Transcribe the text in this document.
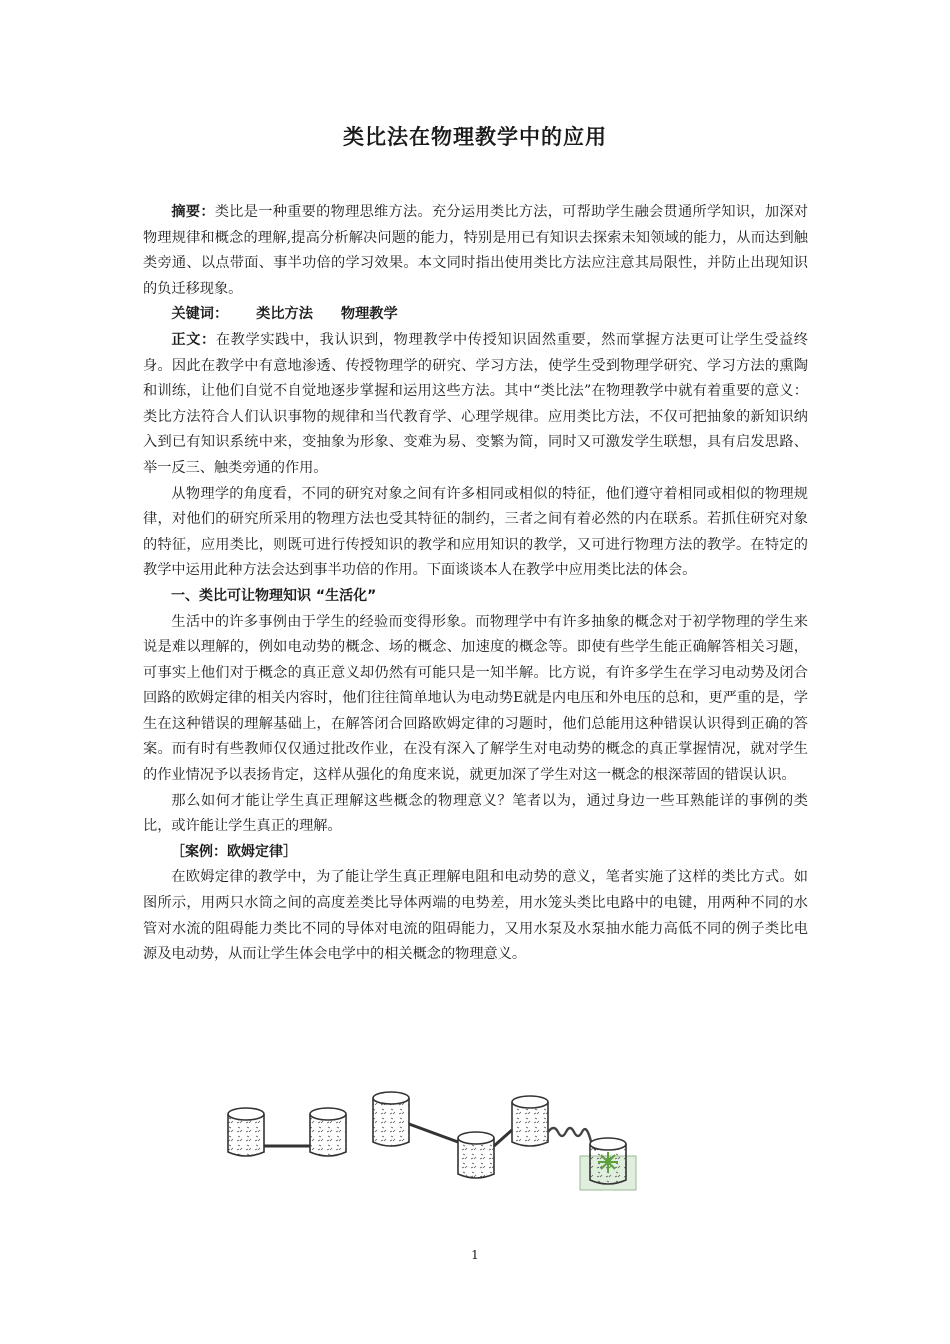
类比法在物理教学中的应用

摘要：类比是一种重要的物理思维方法。充分运用类比方法，可帮助学生融会贯通所学知识，加深对物理规律和概念的理解,提高分析解决问题的能力，特别是用已有知识去探索未知领域的能力，从而达到触类旁通、以点带面、事半功倍的学习效果。本文同时指出使用类比方法应注意其局限性，并防止出现知识的负迁移现象。

关键词： 类比方法 物理教学

正文：在教学实践中，我认识到，物理教学中传授知识固然重要，然而掌握方法更可让学生受益终身。因此在教学中有意地渗透、传授物理学的研究、学习方法，使学生受到物理学研究、学习方法的熏陶和训练，让他们自觉不自觉地逐步掌握和运用这些方法。其中“类比法”在物理教学中就有着重要的意义：类比方法符合人们认识事物的规律和当代教育学、心理学规律。应用类比方法，不仅可把抽象的新知识纳入到已有知识系统中来，变抽象为形象、变难为易、变繁为简，同时又可激发学生联想，具有启发思路、举一反三、触类旁通的作用。

从物理学的角度看，不同的研究对象之间有许多相同或相似的特征，他们遵守着相同或相似的物理规律，对他们的研究所采用的物理方法也受其特征的制约，三者之间有着必然的内在联系。若抓住研究对象的特征，应用类比，则既可进行传授知识的教学和应用知识的教学，又可进行物理方法的教学。在特定的教学中运用此种方法会达到事半功倍的作用。下面谈谈本人在教学中应用类比法的体会。

一、类比可让物理知识 “生活化”

生活中的许多事例由于学生的经验而变得形象。而物理学中有许多抽象的概念对于初学物理的学生来说是难以理解的，例如电动势的概念、场的概念、加速度的概念等。即使有些学生能正确解答相关习题，可事实上他们对于概念的真正意义却仍然有可能只是一知半解。比方说，有许多学生在学习电动势及闭合回路的欧姆定律的相关内容时，他们往往简单地认为电动势E就是内电压和外电压的总和，更严重的是，学生在这种错误的理解基础上，在解答闭合回路欧姆定律的习题时，他们总能用这种错误认识得到正确的答案。而有时有些教师仅仅通过批改作业，在没有深入了解学生对电动势的概念的真正掌握情况，就对学生的作业情况予以表扬肯定，这样从强化的角度来说，就更加深了学生对这一概念的根深蒂固的错误认识。

那么如何才能让学生真正理解这些概念的物理意义？笔者以为，通过身边一些耳熟能详的事例的类比，或许能让学生真正的理解。

［案例：欧姆定律］

在欧姆定律的教学中，为了能让学生真正理解电阻和电动势的意义，笔者实施了这样的类比方式。如图所示，用两只水筒之间的高度差类比导体两端的电势差，用水笼头类比电路中的电键，用两种不同的水管对水流的阻碍能力类比不同的导体对电流的阻碍能力，又用水泵及水泵抽水能力高低不同的例子类比电源及电动势，从而让学生体会电学中的相关概念的物理意义。

1
